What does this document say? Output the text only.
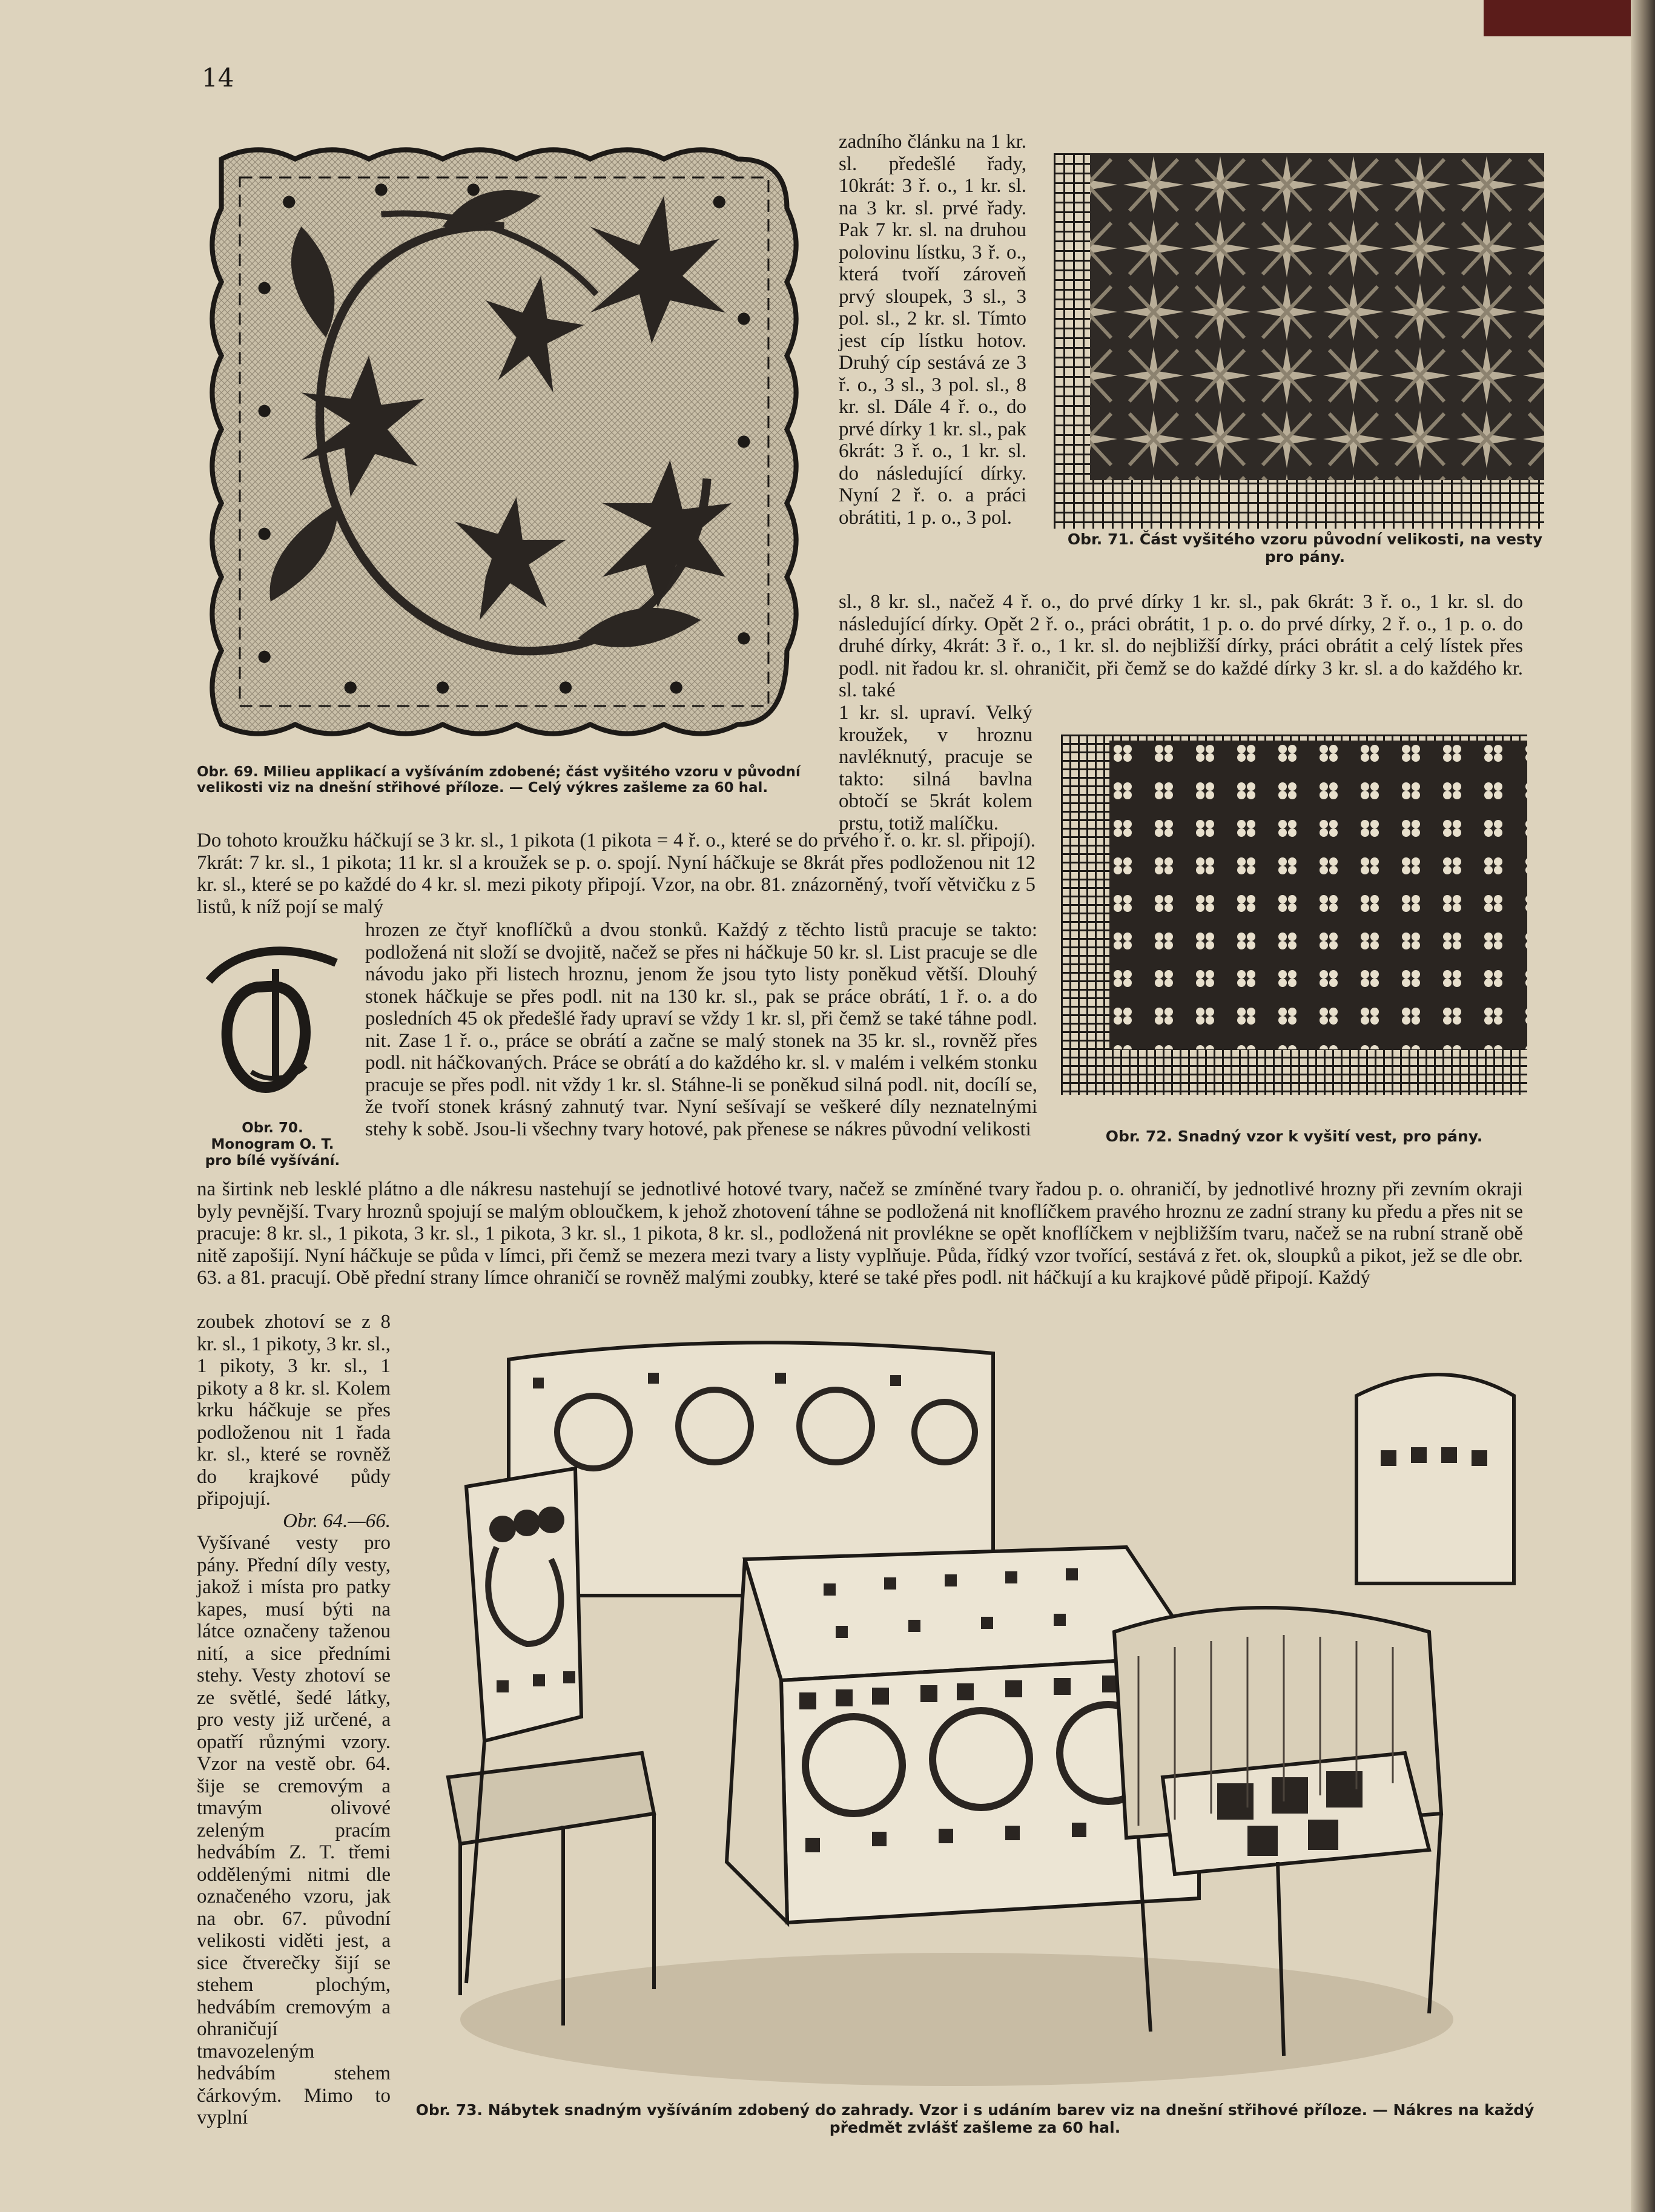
14
Obr. 69. Milieu applikací a vyšíváním zdobené; část vyšitého vzoru v původní velikosti viz na dnešní střihové příloze. — Celý výkres zašleme za 60 hal.
zadního článku na 1 kr. sl. předešlé řady, 10krát: 3 ř. o., 1 kr. sl. na 3 kr. sl. prvé řady. Pak 7 kr. sl. na druhou polovinu lístku, 3 ř. o., která tvoří zároveň prvý sloupek, 3 sl., 3 pol. sl., 2 kr. sl. Tímto jest cíp lístku hotov. Druhý cíp sestává ze 3 ř. o., 3 sl., 3 pol. sl., 8 kr. sl. Dále 4 ř. o., do prvé dírky 1 kr. sl., pak 6krát: 3 ř. o., 1 kr. sl. do následující dírky. Nyní 2 ř. o. a práci obrátiti, 1 p. o., 3 pol.
Obr. 71. Část vyšitého vzoru původní velikosti, na vesty pro pány.
sl., 8 kr. sl., načež 4 ř. o., do prvé dírky 1 kr. sl., pak 6krát: 3 ř. o., 1 kr. sl. do následující dírky. Opět 2 ř. o., práci obrátit, 1 p. o. do prvé dírky, 2 ř. o., 1 p. o. do druhé dírky, 4krát: 3 ř. o., 1 kr. sl. do nejbližší dírky, práci obrátit a celý lístek přes podl. nit řadou kr. sl. ohraničit, při čemž se do každé dírky 3 kr. sl. a do každého kr. sl. také
1 kr. sl. upraví. Velký kroužek, v hroznu navléknutý, pracuje se takto: silná bavlna obtočí se 5krát kolem prstu, totiž malíčku.
Obr. 72. Snadný vzor k vyšití vest, pro pány.
Do tohoto kroužku háčkují se 3 kr. sl., 1 pikota (1 pikota = 4 ř. o., které se do prvého ř. o. kr. sl. připojí). 7krát: 7 kr. sl., 1 pikota; 11 kr. sl a kroužek se p. o. spojí. Nyní háčkuje se 8krát přes podloženou nit 12 kr. sl., které se po každé do 4 kr. sl. mezi pikoty připojí. Vzor, na obr. 81. znázorněný, tvoří větvičku z 5 listů, k níž pojí se malý
Obr. 70.
Monogram O. T.
pro bílé vyšívání.
hrozen ze čtyř knoflíčků a dvou stonků. Každý z těchto listů pracuje se takto: podložená nit složí se dvojitě, načež se přes ni háčkuje 50 kr. sl. List pracuje se dle návodu jako při listech hroznu, jenom že jsou tyto listy poněkud větší. Dlouhý stonek háčkuje se přes podl. nit na 130 kr. sl., pak se práce obrátí, 1 ř. o. a do posledních 45 ok předešlé řady upraví se vždy 1 kr. sl, při čemž se také táhne podl. nit. Zase 1 ř. o., práce se obrátí a začne se malý stonek na 35 kr. sl., rovněž přes podl. nit háčkovaných. Práce se obrátí a do každého kr. sl. v malém i velkém stonku pracuje se přes podl. nit vždy 1 kr. sl. Stáhne-li se poněkud silná podl. nit, docílí se, že tvoří stonek krásný zahnutý tvar. Nyní sešívají se veškeré díly neznatelnými stehy k sobě. Jsou-li všechny tvary hotové, pak přenese se nákres původní velikosti
na širtink neb lesklé plátno a dle nákresu nastehují se jednotlivé hotové tvary, načež se zmíněné tvary řadou p. o. ohraničí, by jednotlivé hrozny při zevním okraji byly pevnější. Tvary hroznů spojují se malým obloučkem, k jehož zhotovení táhne se podložená nit knoflíčkem pravého hroznu ze zadní strany ku předu a přes nit se pracuje: 8 kr. sl., 1 pikota, 3 kr. sl., 1 pikota, 3 kr. sl., 1 pikota, 8 kr. sl., podložená nit provlékne se opět knoflíčkem v nejbližším tvaru, načež se na rubní straně obě nitě zapošijí. Nyní háčkuje se půda v límci, při čemž se mezera mezi tvary a listy vyplňuje. Půda, řídký vzor tvořící, sestává z řet. ok, sloupků a pikot, jež se dle obr. 63. a 81. pracují. Obě přední strany límce ohraničí se rovněž malými zoubky, které se také přes podl. nit háčkují a ku krajkové půdě připojí. Každý

zoubek zhotoví se z 8 kr. sl., 1 pikoty, 3 kr. sl., 1 pikoty, 3 kr. sl., 1 pikoty a 8 kr. sl. Kolem krku háčkuje se přes podloženou nit 1 řada kr. sl., které se rovněž do krajkové půdy připojují.

Obr. 64.—66.

Vyšívané vesty pro pány. Přední díly vesty, jakož i místa pro patky kapes, musí býti na látce označeny taženou nití, a sice předními stehy. Vesty zhotoví se ze světlé, šedé látky, pro vesty již určené, a opatří různými vzory. Vzor na vestě obr. 64. šije se cremovým a tmavým olivové zeleným pracím hedvábím Z. T. třemi oddělenými nitmi dle označeného vzoru, jak na obr. 67. původní velikosti viděti jest, a sice čtverečky šijí se stehem plochým, hedvábím cremovým a ohraničují tmavozeleným hedvábím stehem čárkovým. Mimo to vyplní	Obr. 73. Nábytek snadným vyšíváním zdobený do zahrady. Vzor i s udáním barev viz na dnešní střihové příloze. — Nákres na každý předmět zvlášť zašleme za 60 hal.
